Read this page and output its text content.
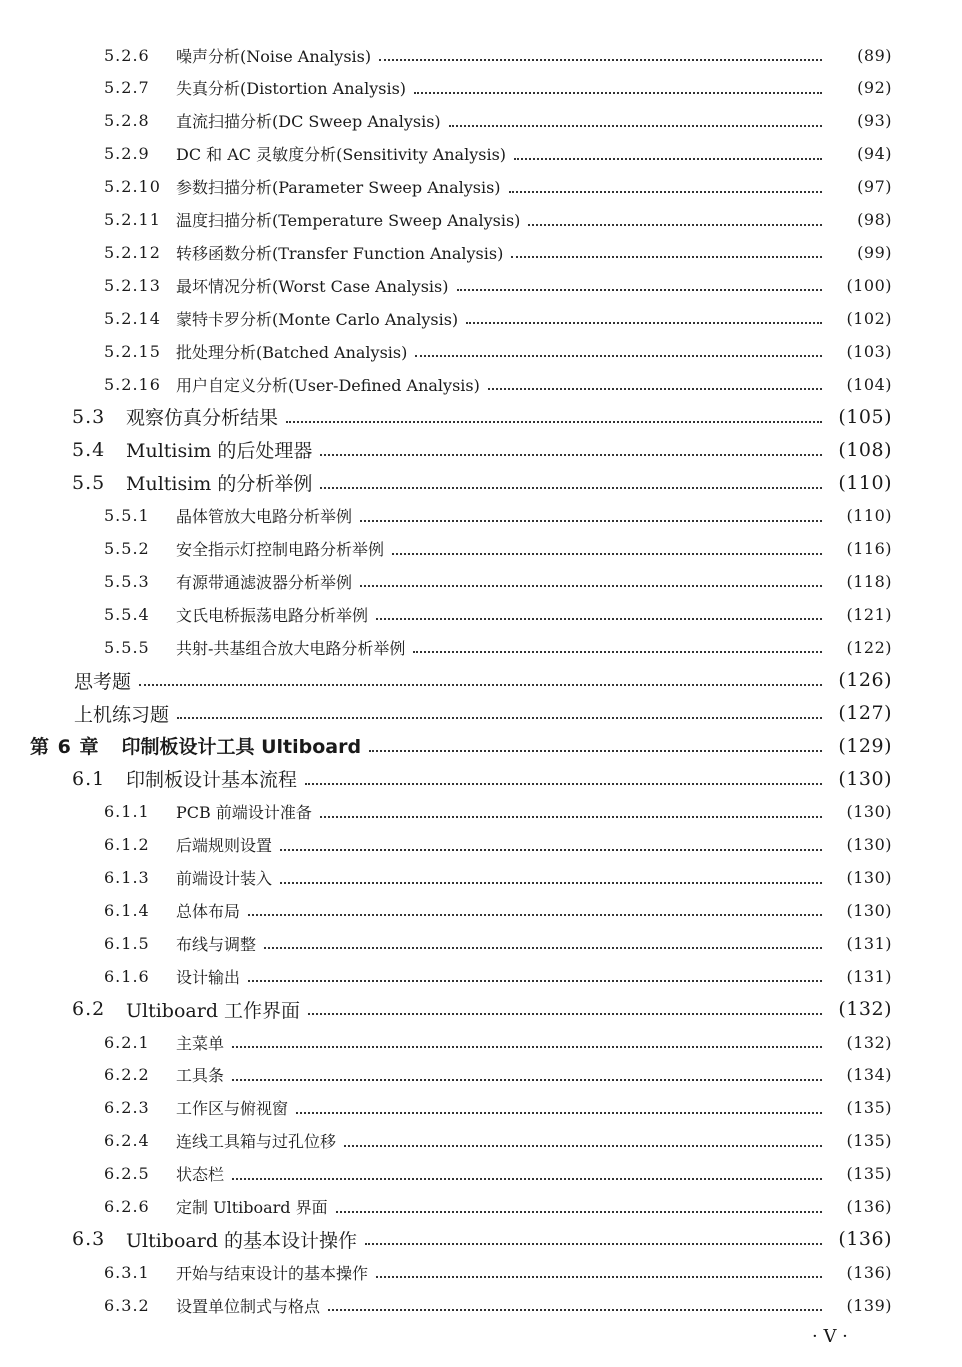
5.2.6	噪声分析(Noise Analysis)	(89)
5.2.7	失真分析(Distortion Analysis)	(92)
5.2.8	直流扫描分析(DC Sweep Analysis)	(93)
5.2.9	DC 和 AC 灵敏度分析(Sensitivity Analysis)	(94)
5.2.10 参数扫描分析(Parameter Sweep Analysis)	(97)
5.2.11 温度扫描分析(Temperature Sweep Analysis)	(98)
5.2.12 转移函数分析(Transfer Function Analysis)	(99)
5.2.13 最坏情况分析(Worst Case Analysis)	(100)
5.2.14 蒙特卡罗分析(Monte Carlo Analysis)	(102)
5.2.15 批处理分析(Batched Analysis)	(103)
5.2.16 用户自定义分析(User-Defined Analysis)	(104)
5.3	观察仿真分析结果	(105)
5.4	Multisim 的后处理器	(108)
5.5	Multisim 的分析举例	(110)
5.5.1	晶体管放大电路分析举例	(110)
5.5.2	安全指示灯控制电路分析举例	(116)
5.5.3	有源带通滤波器分析举例	(118)
5.5.4	文氏电桥振荡电路分析举例	(121)
5.5.5	共射-共基组合放大电路分析举例	(122)
思考题	(126)
上机练习题	(127)
第 6 章	印制板设计工具 Ultiboard	(129)
6.1	印制板设计基本流程	(130)
6.1.1	PCB 前端设计准备	(130)
6.1.2	后端规则设置	(130)
6.1.3	前端设计装入	(130)
6.1.4	总体布局	(130)
6.1.5	布线与调整	(131)
6.1.6	设计输出	(131)
6.2	Ultiboard 工作界面	(132)
6.2.1	主菜单	(132)
6.2.2	工具条	(134)
6.2.3	工作区与俯视窗	(135)
6.2.4	连线工具箱与过孔位移	(135)
6.2.5	状态栏	(135)
6.2.6	定制 Ultiboard 界面	(136)
6.3	Ultiboard 的基本设计操作	(136)
6.3.1	开始与结束设计的基本操作	(136)
6.3.2	设置单位制式与格点	(139)
· V ·
